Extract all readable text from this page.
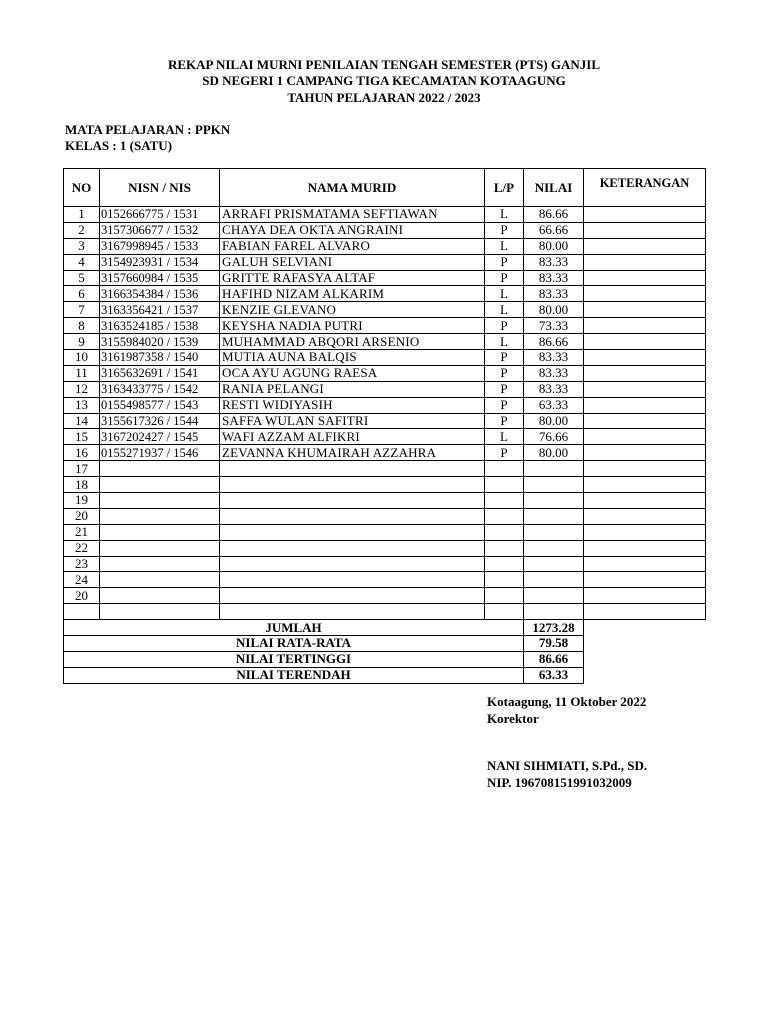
REKAP NILAI MURNI PENILAIAN TENGAH SEMESTER (PTS) GANJIL
SD NEGERI 1 CAMPANG TIGA KECAMATAN KOTAAGUNG
TAHUN PELAJARAN 2022 / 2023
MATA PELAJARAN : PPKN
KELAS : 1 (SATU)
NO	NISN / NIS	NAMA MURID	L/P	NILAI	KETERANGAN
1	0152666775 / 1531	ARRAFI PRISMATAMA SEFTIAWAN	L	86.66	
2	3157306677 / 1532	CHAYA DEA OKTA ANGRAINI	P	66.66	
3	3167998945 / 1533	FABIAN FAREL ALVARO	L	80.00	
4	3154923931 / 1534	GALUH SELVIANI	P	83.33	
5	3157660984 / 1535	GRITTE RAFASYA ALTAF	P	83.33	
6	3166354384 / 1536	HAFIHD NIZAM ALKARIM	L	83.33	
7	3163356421 / 1537	KENZIE GLEVANO	L	80.00	
8	3163524185 / 1538	KEYSHA NADIA PUTRI	P	73.33	
9	3155984020 / 1539	MUHAMMAD ABQORI ARSENIO	L	86.66	
10	3161987358 / 1540	MUTIA AUNA BALQIS	P	83.33	
11	3165632691 / 1541	OCA AYU AGUNG RAESA	P	83.33	
12	3163433775 / 1542	RANIA PELANGI	P	83.33	
13	0155498577 / 1543	RESTI WIDIYASIH	P	63.33	
14	3155617326 / 1544	SAFFA WULAN SAFITRI	P	80.00	
15	3167202427 / 1545	WAFI AZZAM ALFIKRI	L	76.66	
16	0155271937 / 1546	ZEVANNA KHUMAIRAH AZZAHRA	P	80.00	
17					
18					
19					
20					
21					
22					
23					
24					
20					

JUMLAH				1273.28	
NILAI RATA-RATA				79.58	
NILAI TERTINGGI				86.66	
NILAI TERENDAH				63.33	
Kotaagung, 11 Oktober 2022
Korektor
NANI SIHMIATI, S.Pd., SD.
NIP. 196708151991032009
